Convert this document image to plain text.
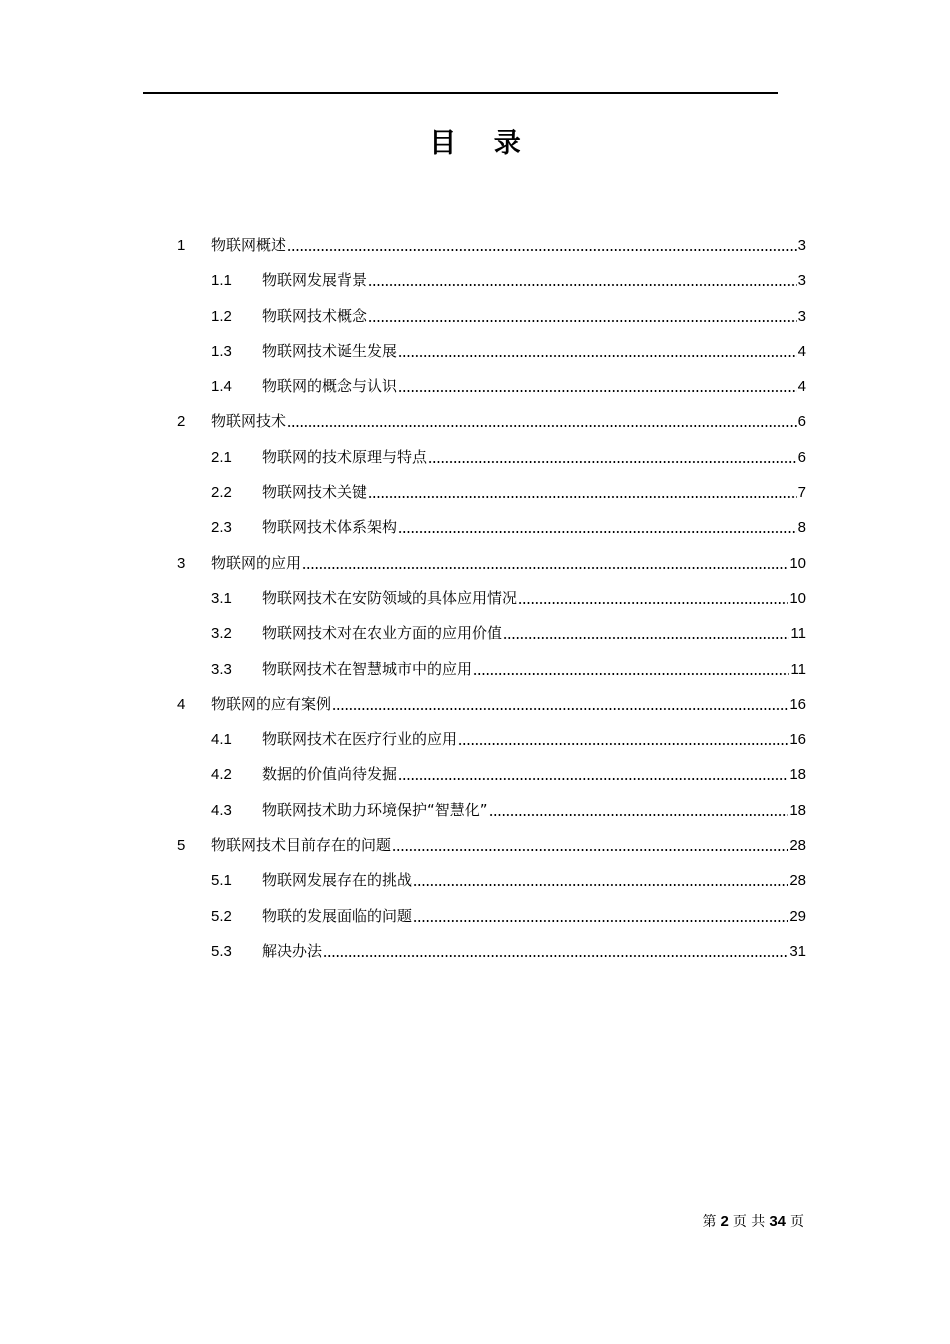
目 录
1 物联网概述	3
1.1 物联网发展背景	3
1.2 物联网技术概念	3
1.3 物联网技术诞生发展	4
1.4 物联网的概念与认识	4
2 物联网技术	6
2.1 物联网的技术原理与特点	6
2.2 物联网技术关键	7
2.3 物联网技术体系架构	8
3 物联网的应用	10
3.1 物联网技术在安防领域的具体应用情况	10
3.2 物联网技术对在农业方面的应用价值	11
3.3 物联网技术在智慧城市中的应用	11
4 物联网的应有案例	16
4.1 物联网技术在医疗行业的应用	16
4.2 数据的价值尚待发掘	18
4.3 物联网技术助力环境保护“智慧化”	18
5 物联网技术目前存在的问题	28
5.1 物联网发展存在的挑战	28
5.2 物联的发展面临的问题	29
5.3 解决办法	31
第 2 页 共 34 页
